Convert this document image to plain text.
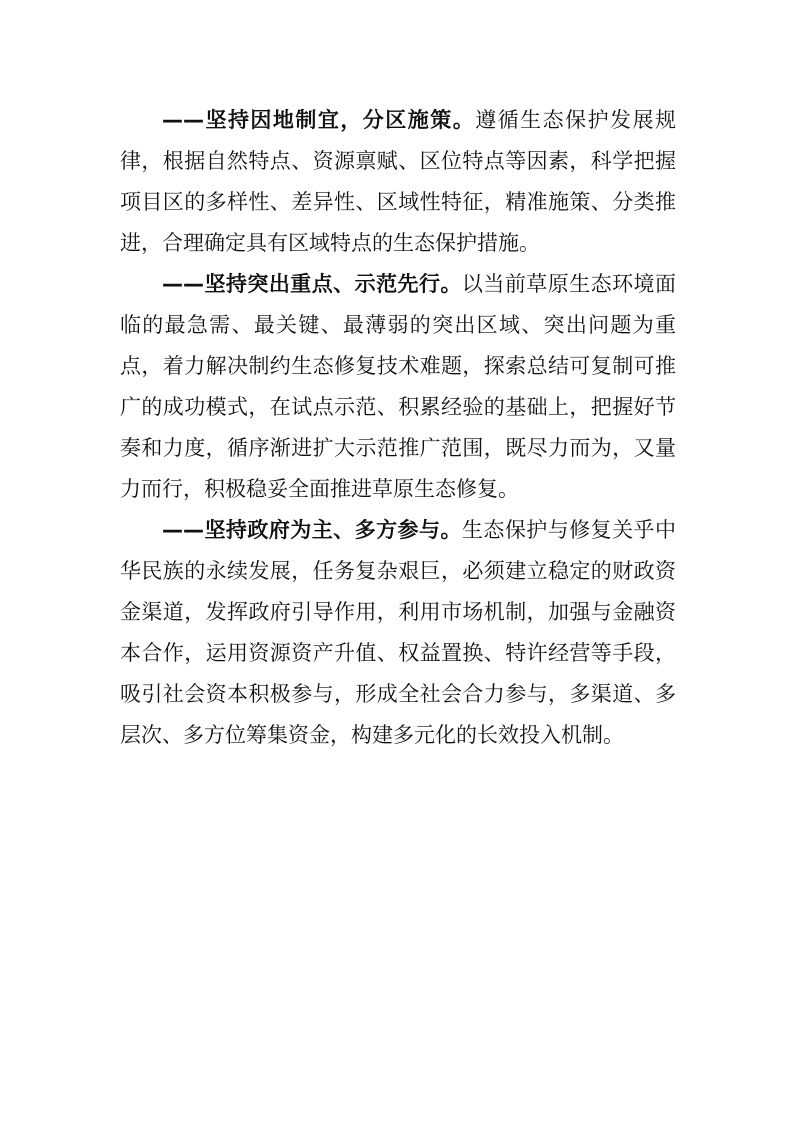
——坚持因地制宜，分区施策。遵循生态保护发展规律，根据自然特点、资源禀赋、区位特点等因素，科学把握项目区的多样性、差异性、区域性特征，精准施策、分类推进，合理确定具有区域特点的生态保护措施。

——坚持突出重点、示范先行。以当前草原生态环境面临的最急需、最关键、最薄弱的突出区域、突出问题为重点，着力解决制约生态修复技术难题，探索总结可复制可推广的成功模式，在试点示范、积累经验的基础上，把握好节奏和力度，循序渐进扩大示范推广范围，既尽力而为，又量力而行，积极稳妥全面推进草原生态修复。

——坚持政府为主、多方参与。生态保护与修复关乎中华民族的永续发展，任务复杂艰巨，必须建立稳定的财政资金渠道，发挥政府引导作用，利用市场机制，加强与金融资本合作，运用资源资产升值、权益置换、特许经营等手段，吸引社会资本积极参与，形成全社会合力参与，多渠道、多层次、多方位筹集资金，构建多元化的长效投入机制。
